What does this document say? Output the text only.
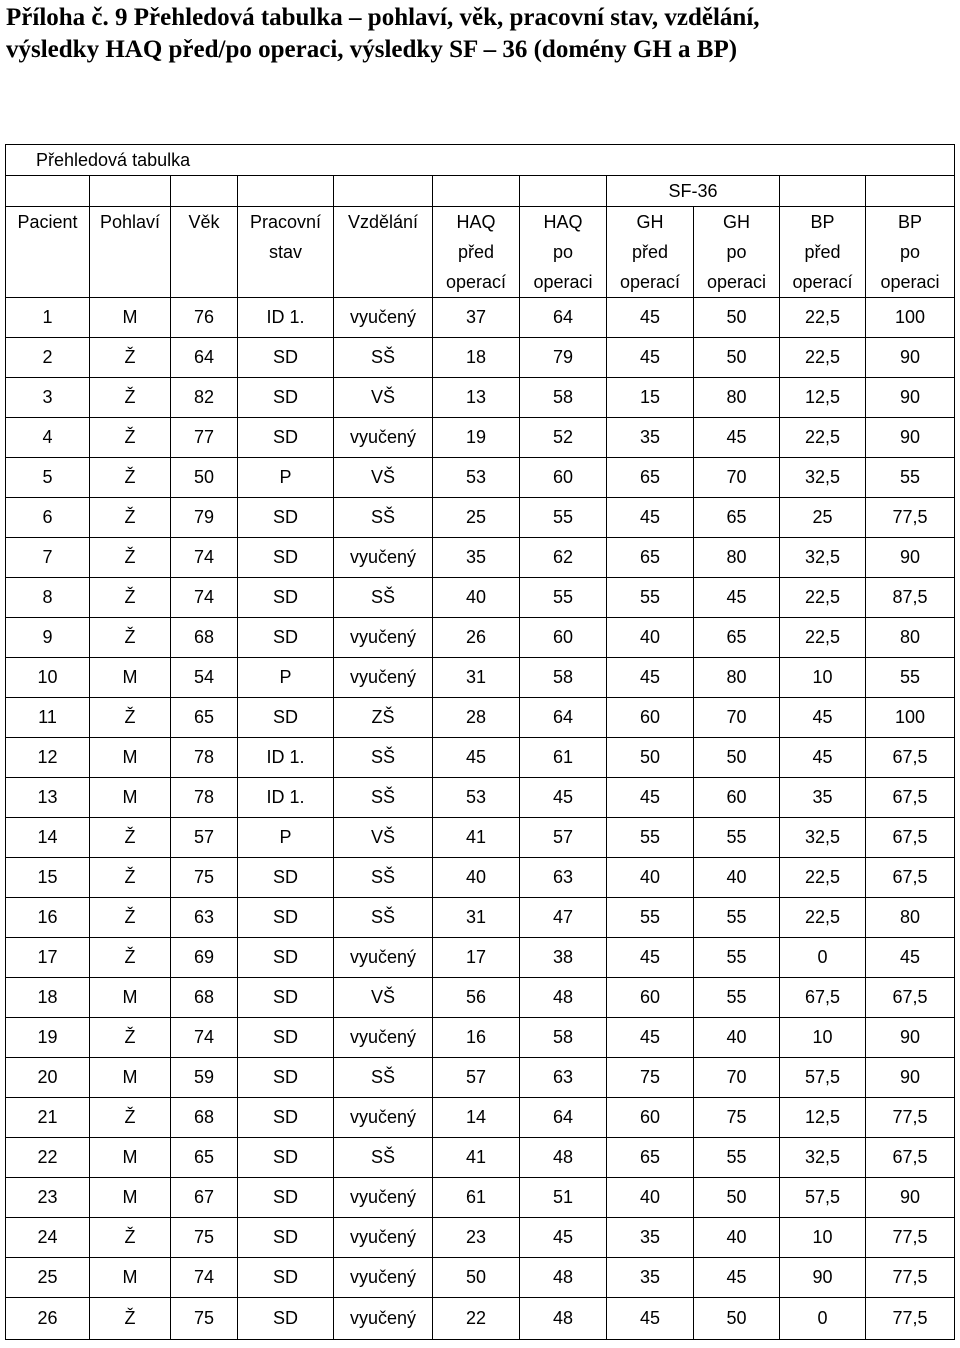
Příloha č. 9 Přehledová tabulka – pohlaví, věk, pracovní stav, vzdělání,
výsledky HAQ před/po operaci, výsledky SF – 36 (domény GH a BP)
Přehledová tabulka										
							SF-36			
Pacient	Pohlaví	Věk	Pracovní	Vzdělání	HAQ	HAQ	GH	GH	BP	BP
			stav		před	po	před	po	před	po
					operací	operaci	operací	operaci	operací	operaci
1	M	76	ID 1.	vyučený	37	64	45	50	22,5	100
2	Ž	64	SD	SŠ	18	79	45	50	22,5	90
3	Ž	82	SD	VŠ	13	58	15	80	12,5	90
4	Ž	77	SD	vyučený	19	52	35	45	22,5	90
5	Ž	50	P	VŠ	53	60	65	70	32,5	55
6	Ž	79	SD	SŠ	25	55	45	65	25	77,5
7	Ž	74	SD	vyučený	35	62	65	80	32,5	90
8	Ž	74	SD	SŠ	40	55	55	45	22,5	87,5
9	Ž	68	SD	vyučený	26	60	40	65	22,5	80
10	M	54	P	vyučený	31	58	45	80	10	55
11	Ž	65	SD	ZŠ	28	64	60	70	45	100
12	M	78	ID 1.	SŠ	45	61	50	50	45	67,5
13	M	78	ID 1.	SŠ	53	45	45	60	35	67,5
14	Ž	57	P	VŠ	41	57	55	55	32,5	67,5
15	Ž	75	SD	SŠ	40	63	40	40	22,5	67,5
16	Ž	63	SD	SŠ	31	47	55	55	22,5	80
17	Ž	69	SD	vyučený	17	38	45	55	0	45
18	M	68	SD	VŠ	56	48	60	55	67,5	67,5
19	Ž	74	SD	vyučený	16	58	45	40	10	90
20	M	59	SD	SŠ	57	63	75	70	57,5	90
21	Ž	68	SD	vyučený	14	64	60	75	12,5	77,5
22	M	65	SD	SŠ	41	48	65	55	32,5	67,5
23	M	67	SD	vyučený	61	51	40	50	57,5	90
24	Ž	75	SD	vyučený	23	45	35	40	10	77,5
25	M	74	SD	vyučený	50	48	35	45	90	77,5
26	Ž	75	SD	vyučený	22	48	45	50	0	77,5
